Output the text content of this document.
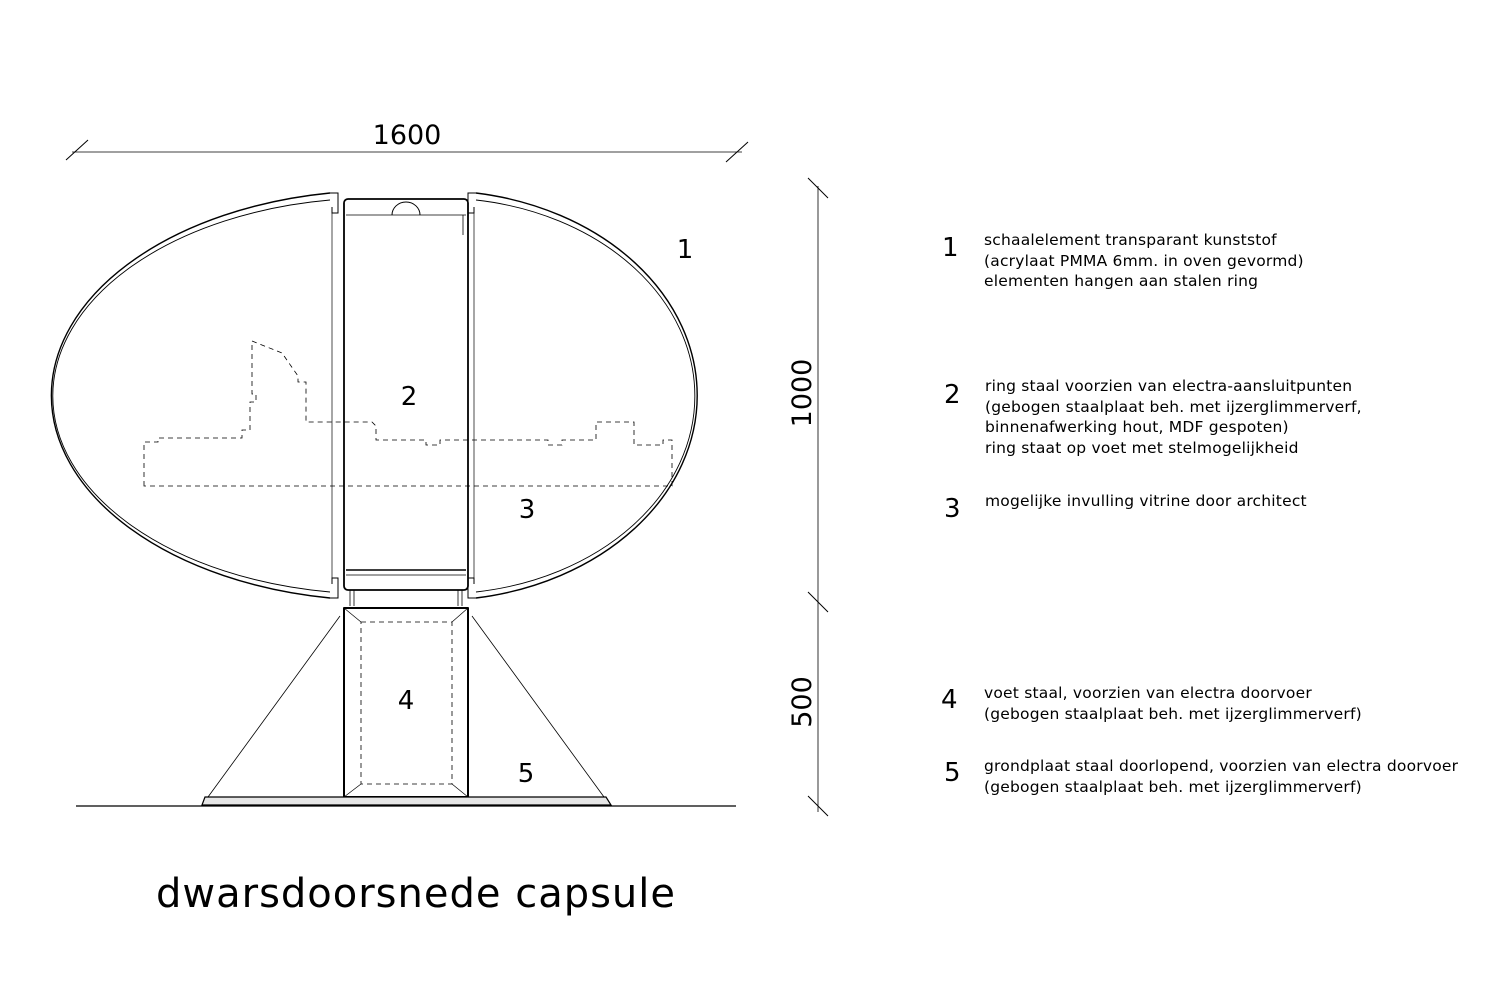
1600
1000
500
1
2
3
4
5
1 schaalelement transparant kunststof
(acrylaat PMMA 6mm. in oven gevormd)
elementen hangen aan stalen ring
2 ring staal voorzien van electra-aansluitpunten
(gebogen staalplaat beh. met ijzerglimmerverf,
binnenafwerking hout, MDF gespoten)
ring staat op voet met stelmogelijkheid
3 mogelijke invulling vitrine door architect
4 voet staal, voorzien van electra doorvoer
(gebogen staalplaat beh. met ijzerglimmerverf)
5 grondplaat staal doorlopend, voorzien van electra doorvoer
(gebogen staalplaat beh. met ijzerglimmerverf)
dwarsdoorsnede capsule
